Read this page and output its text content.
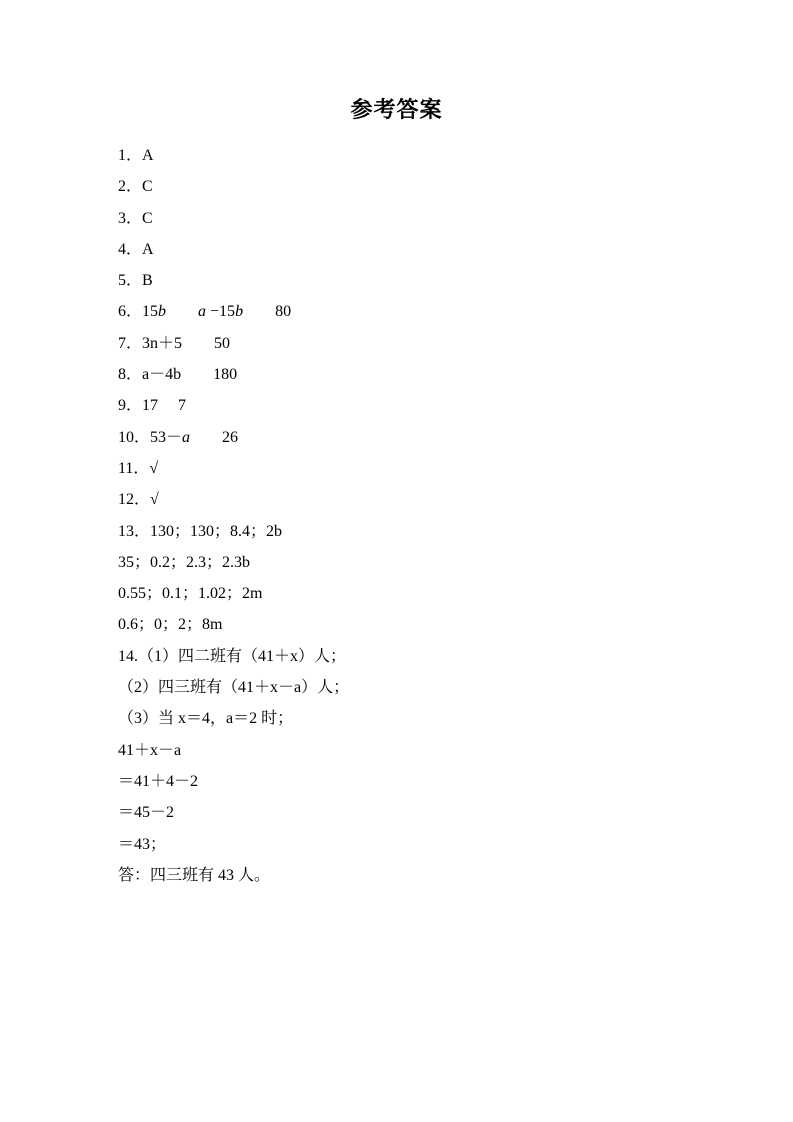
参考答案

1．A

2．C

3．C

4．A

5．B

6．15b　　 a −15b　　80

7．3n＋5　　50

8．a－4b　　180

9．17　 7

10．53－a　　26

11．√

12．√

13．130；130；8.4；2b

35；0.2；2.3；2.3b

0.55；0.1；1.02；2m

0.6；0；2；8m

14.（1）四二班有（41＋x）人；

（2）四三班有（41＋x－a）人；

（3）当 x＝4，a＝2 时；

41＋x－a

＝41＋4－2

＝45－2

＝43；

答：四三班有 43 人。
